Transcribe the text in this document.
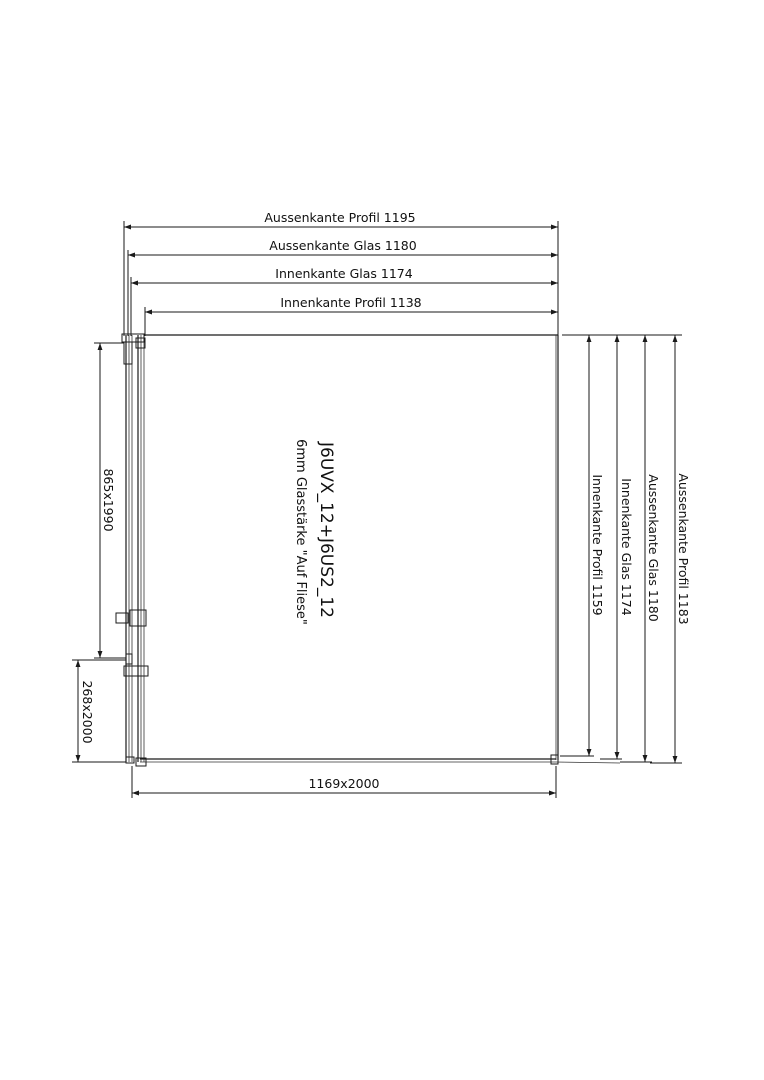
Aussenkante Profil 1195
Aussenkante Glas 1180
Innenkante Glas 1174
Innenkante Profil 1138
865x1990
268x2000
1169x2000
Innenkante Profil 1159 Innenkante Glas 1174 Aussenkante Glas 1180 Aussenkante Profil 1183
J6UVX_12+J6US2_12
6mm Glasstärke "Auf Fliese"
